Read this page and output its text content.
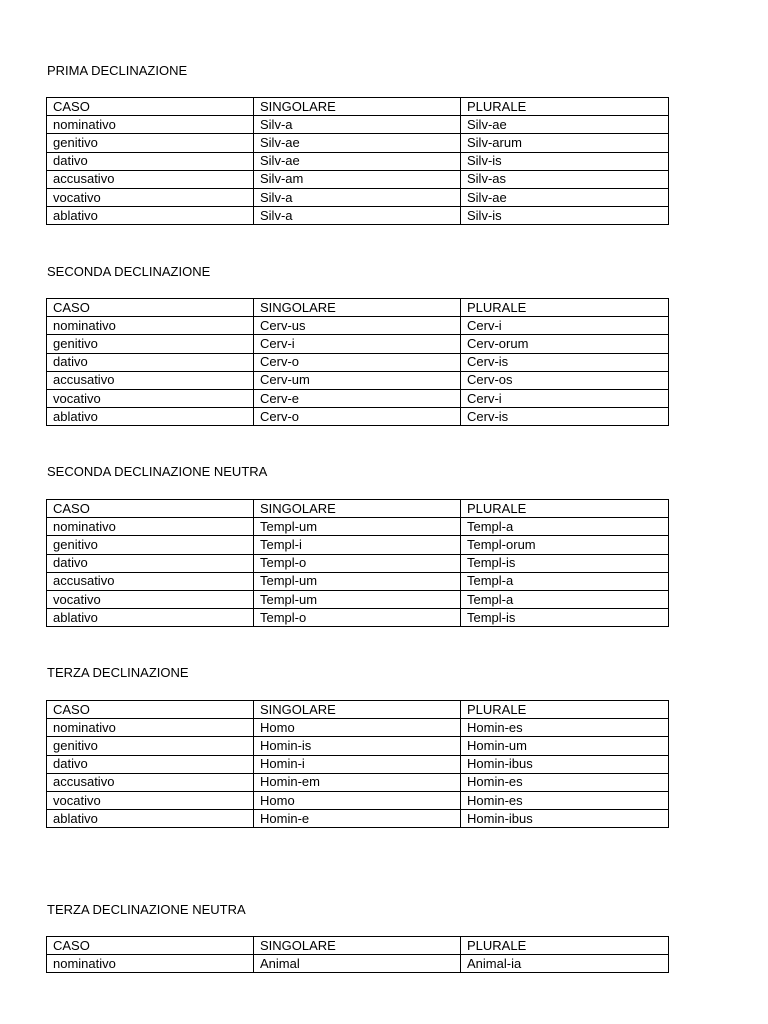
PRIMA DECLINAZIONE
CASO	SINGOLARE	PLURALE
nominativo	Silv-a	Silv-ae
genitivo	Silv-ae	Silv-arum
dativo	Silv-ae	Silv-is
accusativo	Silv-am	Silv-as
vocativo	Silv-a	Silv-ae
ablativo	Silv-a	Silv-is
SECONDA DECLINAZIONE
CASO	SINGOLARE	PLURALE
nominativo	Cerv-us	Cerv-i
genitivo	Cerv-i	Cerv-orum
dativo	Cerv-o	Cerv-is
accusativo	Cerv-um	Cerv-os
vocativo	Cerv-e	Cerv-i
ablativo	Cerv-o	Cerv-is
SECONDA DECLINAZIONE NEUTRA
CASO	SINGOLARE	PLURALE
nominativo	Templ-um	Templ-a
genitivo	Templ-i	Templ-orum
dativo	Templ-o	Templ-is
accusativo	Templ-um	Templ-a
vocativo	Templ-um	Templ-a
ablativo	Templ-o	Templ-is
TERZA DECLINAZIONE
CASO	SINGOLARE	PLURALE
nominativo	Homo	Homin-es
genitivo	Homin-is	Homin-um
dativo	Homin-i	Homin-ibus
accusativo	Homin-em	Homin-es
vocativo	Homo	Homin-es
ablativo	Homin-e	Homin-ibus
TERZA DECLINAZIONE NEUTRA
CASO	SINGOLARE	PLURALE
nominativo	Animal	Animal-ia
